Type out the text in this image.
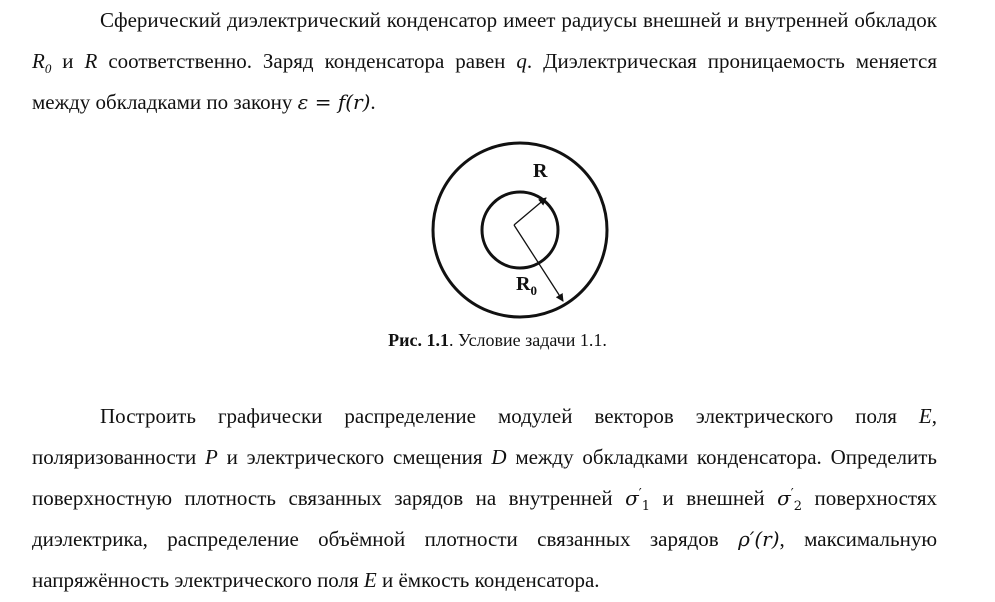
Сферический диэлектрический конденсатор имеет радиусы внешней и внутренней обкладок $R_0$ и R соответственно. Заряд конденсатора равен q. Диэлектрическая проницаемость меняется между обкладками по закону ε = f(r).
R
$R_0$
Рис. 1.1. Условие задачи 1.1.
Построить графически распределение модулей векторов электрического поля E, поляризованности P и электрического смещения D между обкладками конденсатора. Определить поверхностную плотность связанных зарядов на внутренней $\sigma'_1$ и внешней $\sigma'_2$ поверхностях диэлектрика, распределение объёмной плотности связанных зарядов ρ′(r), максимальную напряжённость электрического поля E и ёмкость конденсатора.
